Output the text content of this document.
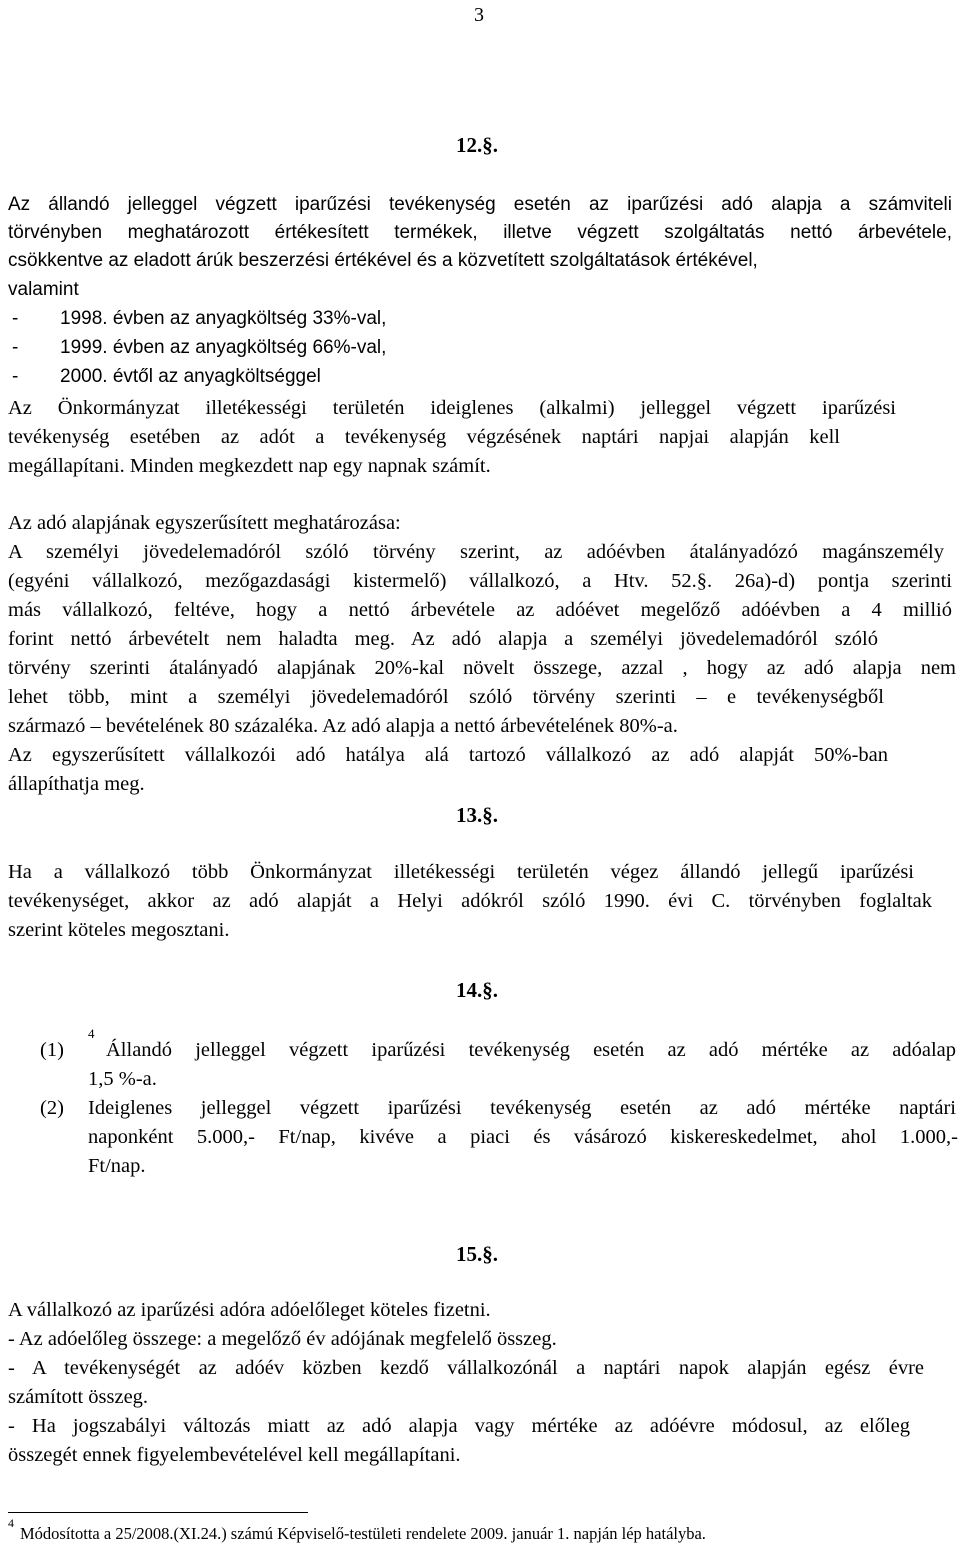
3
12.§.
Az állandó jelleggel végzett iparűzési tevékenység esetén az iparűzési adó alapja a számviteli
törvényben meghatározott értékesített termékek, illetve végzett szolgáltatás nettó árbevétele,
csökkentve az eladott árúk beszerzési értékével és a közvetített szolgáltatások értékével,
valamint
- 1998. évben az anyagköltség 33%-val,
- 1999. évben az anyagköltség 66%-val,
- 2000. évtől az anyagköltséggel
Az Önkormányzat illetékességi területén ideiglenes (alkalmi) jelleggel végzett iparűzési
tevékenység esetében az adót a tevékenység végzésének naptári napjai alapján kell
megállapítani. Minden megkezdett nap egy napnak számít.
Az adó alapjának egyszerűsített meghatározása:
A személyi jövedelemadóról szóló törvény szerint, az adóévben átalányadózó magánszemély
(egyéni vállalkozó, mezőgazdasági kistermelő) vállalkozó, a Htv. 52.§. 26a)-d) pontja szerinti
más vállalkozó, feltéve, hogy a nettó árbevétele az adóévet megelőző adóévben a 4 millió
forint nettó árbevételt nem haladta meg. Az adó alapja a személyi jövedelemadóról szóló
törvény szerinti átalányadó alapjának 20%-kal növelt összege, azzal , hogy az adó alapja nem
lehet több, mint a személyi jövedelemadóról szóló törvény szerinti – e tevékenységből
származó – bevételének 80 százaléka. Az adó alapja a nettó árbevételének 80%-a.
Az egyszerűsített vállalkozói adó hatálya alá tartozó vállalkozó az adó alapját 50%-ban
állapíthatja meg.
13.§.
Ha a vállalkozó több Önkormányzat illetékességi területén végez állandó jellegű iparűzési
tevékenységet, akkor az adó alapját a Helyi adókról szóló 1990. évi C. törvényben foglaltak
szerint köteles megosztani.
14.§.
(1)
4
Állandó jelleggel végzett iparűzési tevékenység esetén az adó mértéke az adóalap
1,5 %-a.
(2) Ideiglenes jelleggel végzett iparűzési tevékenység esetén az adó mértéke naptári
naponként 5.000,- Ft/nap, kivéve a piaci és vásározó kiskereskedelmet, ahol 1.000,-
Ft/nap.
15.§.
A vállalkozó az iparűzési adóra adóelőleget köteles fizetni.
- Az adóelőleg összege: a megelőző év adójának megfelelő összeg.
- A tevékenységét az adóév közben kezdő vállalkozónál a naptári napok alapján egész évre
számított összeg.
- Ha jogszabályi változás miatt az adó alapja vagy mértéke az adóévre módosul, az előleg
összegét ennek figyelembevételével kell megállapítani.
4
Módosította a 25/2008.(XI.24.) számú Képviselő-testületi rendelete 2009. január 1. napján lép hatályba.
